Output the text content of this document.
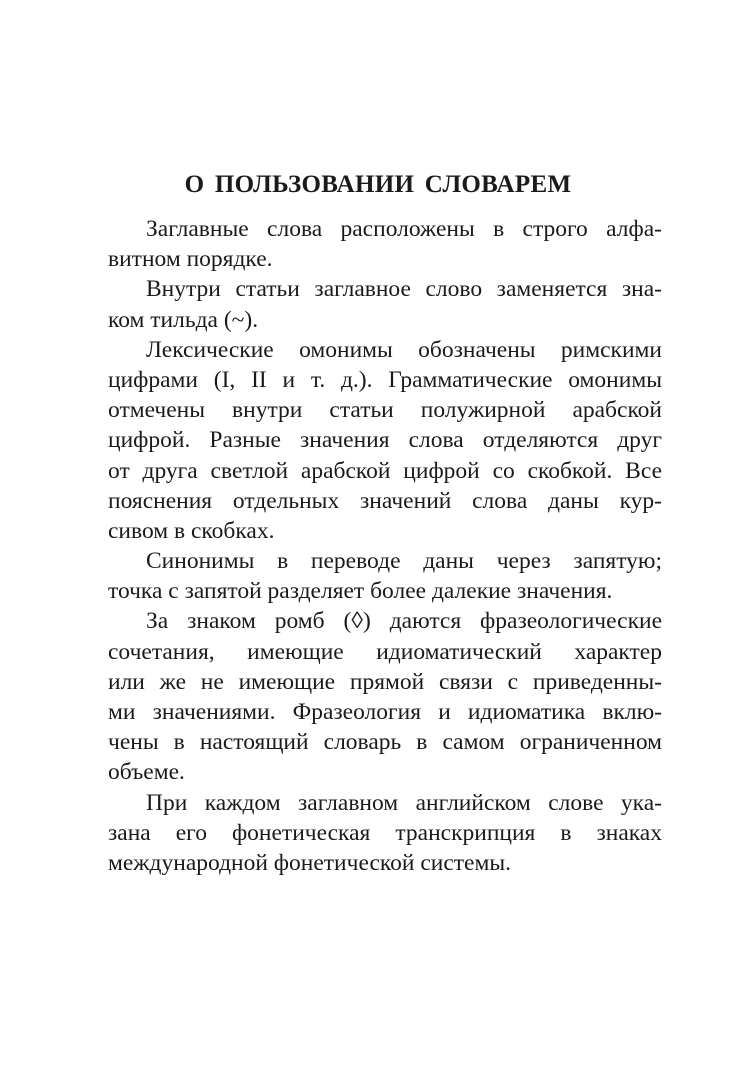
О ПОЛЬЗОВАНИИ СЛОВАРЕМ
Заглавные слова расположены в строго алфа-
витном порядке.
Внутри статьи заглавное слово заменяется зна-
ком тильда (~).
Лексические омонимы обозначены римскими
цифрами (I, II и т. д.). Грамматические омонимы
отмечены внутри статьи полужирной арабской
цифрой. Разные значения слова отделяются друг
от друга светлой арабской цифрой со скобкой. Все
пояснения отдельных значений слова даны кур-
сивом в скобках.
Синонимы в переводе даны через запятую;
точка с запятой разделяет более далекие значения.
За знаком ромб (◊) даются фразеологические
сочетания, имеющие идиоматический характер
или же не имеющие прямой связи с приведенны-
ми значениями. Фразеология и идиоматика вклю-
чены в настоящий словарь в самом ограниченном
объеме.
При каждом заглавном английском слове ука-
зана его фонетическая транскрипция в знаках
международной фонетической системы.
